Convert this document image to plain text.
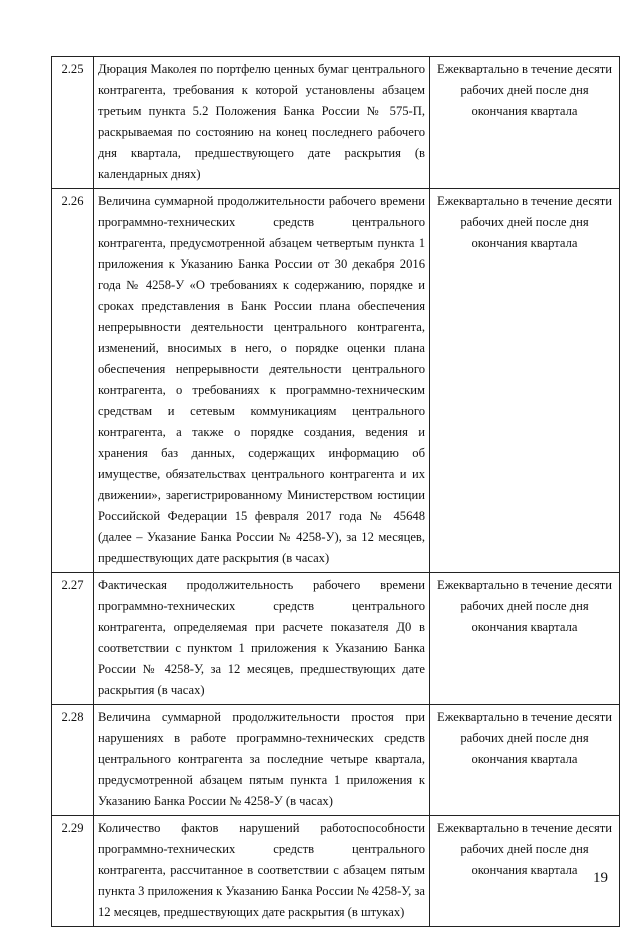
2.25	Дюрация Маколея по портфелю ценных бумаг центрального контрагента, требования к которой установлены абзацем третьим пункта 5.2 Положения Банка России № 575-П, раскрываемая по состоянию на конец последнего рабочего дня квартала, предшествующего дате раскрытия (в календарных днях)	Ежеквартально в течение десяти рабочих дней после дня окончания квартала
2.26	Величина суммарной продолжительности рабочего времени программно-технических средств центрального контрагента, предусмотренной абзацем четвертым пункта 1 приложения к Указанию Банка России от 30 декабря 2016 года № 4258-У «О требованиях к содержанию, порядке и сроках представления в Банк России плана обеспечения непрерывности деятельности центрального контрагента, изменений, вносимых в него, о порядке оценки плана обеспечения непрерывности деятельности центрального контрагента, о требованиях к программно-техническим средствам и сетевым коммуникациям центрального контрагента, а также о порядке создания, ведения и хранения баз данных, содержащих информацию об имуществе, обязательствах центрального контрагента и их движении», зарегистрированному Министерством юстиции Российской Федерации 15 февраля 2017 года № 45648 (далее – Указание Банка России № 4258-У), за 12 месяцев, предшествующих дате раскрытия (в часах)	Ежеквартально в течение десяти рабочих дней после дня окончания квартала
2.27	Фактическая продолжительность рабочего времени программно-технических средств центрального контрагента, определяемая при расчете показателя Д0 в соответствии с пунктом 1 приложения к Указанию Банка России № 4258-У, за 12 месяцев, предшествующих дате раскрытия (в часах)	Ежеквартально в течение десяти рабочих дней после дня окончания квартала
2.28	Величина суммарной продолжительности простоя при нарушениях в работе программно-технических средств центрального контрагента за последние четыре квартала, предусмотренной абзацем пятым пункта 1 приложения к Указанию Банка России № 4258-У (в часах)	Ежеквартально в течение десяти рабочих дней после дня окончания квартала
2.29	Количество фактов нарушений работоспособности программно-технических средств центрального контрагента, рассчитанное в соответствии с абзацем пятым пункта 3 приложения к Указанию Банка России № 4258-У, за 12 месяцев, предшествующих дате раскрытия (в штуках)	Ежеквартально в течение десяти рабочих дней после дня окончания квартала	19
